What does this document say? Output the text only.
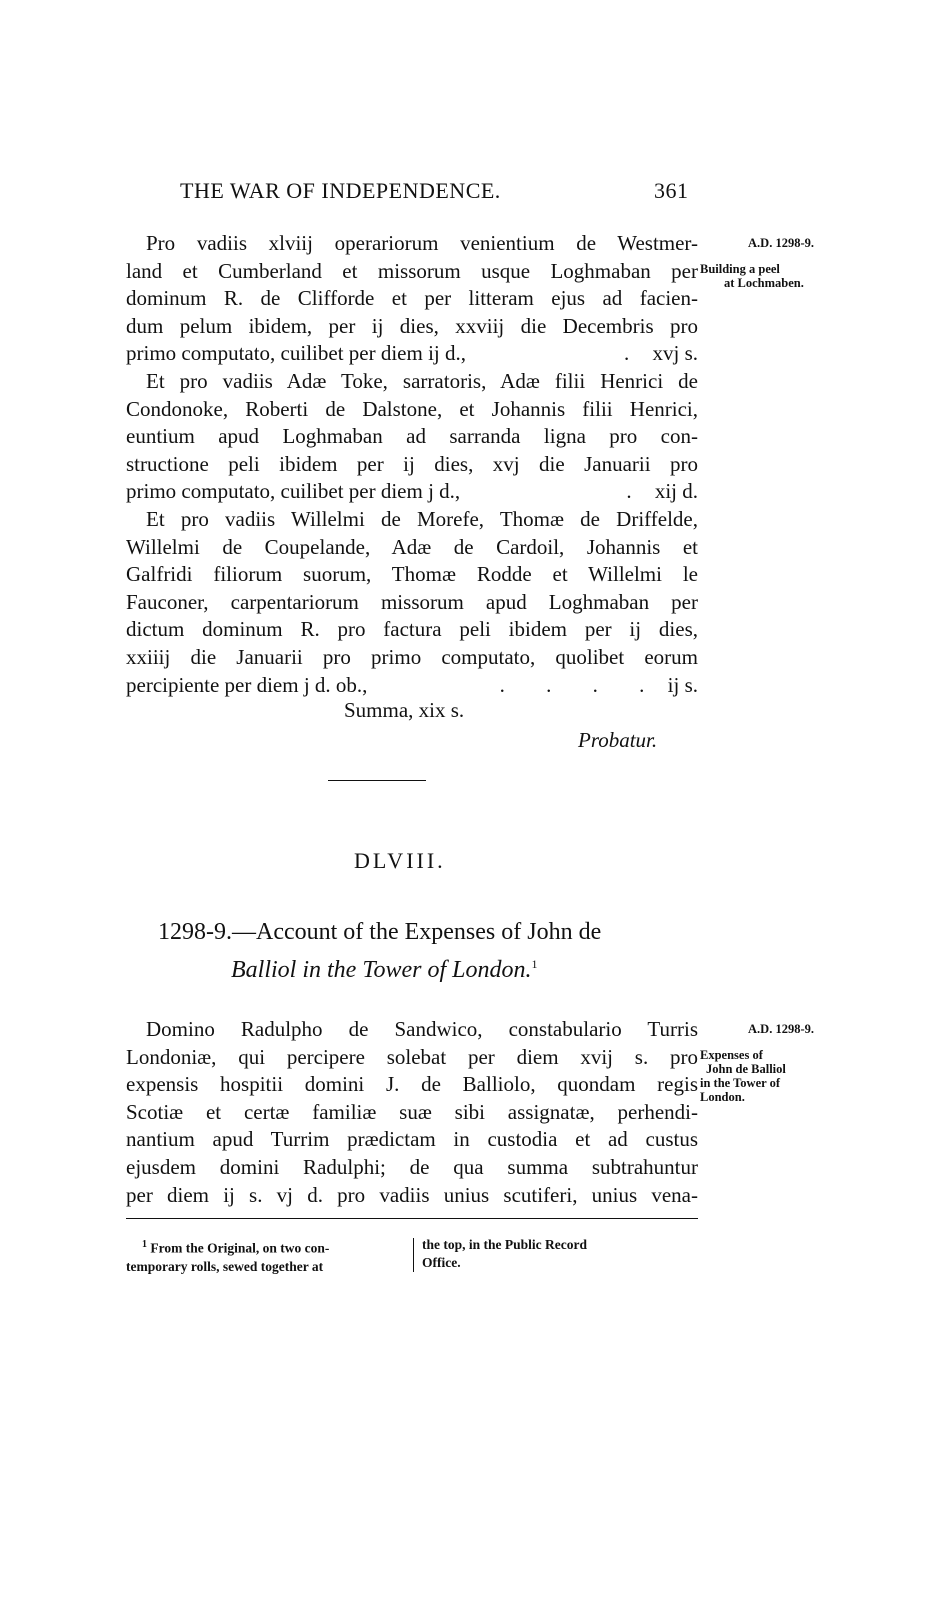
THE WAR OF INDEPENDENCE.	361
Pro vadiis xlviij operariorum venientium de Westmer-
land et Cumberland et missorum usque Loghmaban per
dominum R. de Clifforde et per litteram ejus ad facien-
dum pelum ibidem, per ij dies, xxviij die Decembris pro
primo computato, cuilibet per diem ij d.,	. xvj s.
Et pro vadiis Adæ Toke, sarratoris, Adæ filii Henrici de
Condonoke, Roberti de Dalstone, et Johannis filii Henrici,
euntium apud Loghmaban ad sarranda ligna pro con-
structione peli ibidem per ij dies, xvj die Januarii pro
primo computato, cuilibet per diem j d.,	. xij d.
Et pro vadiis Willelmi de Morefe, Thomæ de Driffelde,
Willelmi de Coupelande, Adæ de Cardoil, Johannis et
Galfridi filiorum suorum, Thomæ Rodde et Willelmi le
Fauconer, carpentariorum missorum apud Loghmaban per
dictum dominum R. pro factura peli ibidem per ij dies,
xxiiij die Januarii pro primo computato, quolibet eorum
percipiente per diem j d. ob.,	. . . . ij s.
A.D. 1298-9.
Building a peel
at Lochmaben.
Summa, xix s.
Probatur.
DLVIII.
1298-9.—Account of the Expenses of John de
Balliol in the Tower of London.$^1$
Domino Radulpho de Sandwico, constabulario Turris
Londoniæ, qui percipere solebat per diem xvij s. pro
expensis hospitii domini J. de Balliolo, quondam regis
Scotiæ et certæ familiæ suæ sibi assignatæ, perhendi-
nantium apud Turrim prædictam in custodia et ad custus
ejusdem domini Radulphi; de qua summa subtrahuntur
per diem ij s. vj d. pro vadiis unius scutiferi, unius vena-
A.D. 1298-9.
Expenses of
John de Balliol
in the Tower of
London.
$^1$ From the Original, on two con-
temporary rolls, sewed together at
the top, in the Public Record
Office.
